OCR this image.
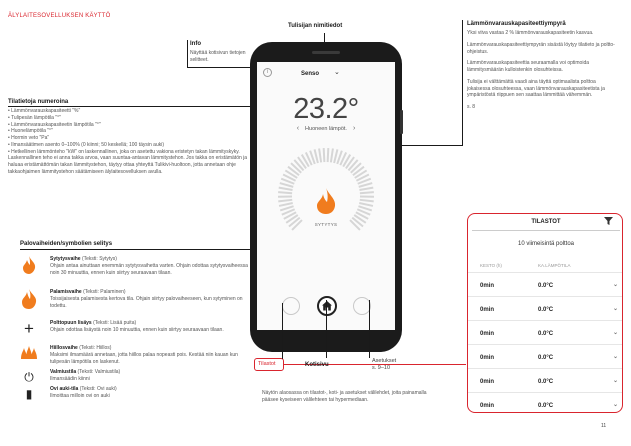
ÄLYLAITESOVELLUKSEN KÄYTTÖ
Tulisijan nimitiedot
Info
Näyttää kotisivun tietojen selitteet.
Lämmönvarauskapasiteettiympyrä
Yksi viiva vastaa 2 % lämmönvarauskapasiteetin kasvua.
Lämmönvarauskapasiteettiympyrän sisästä löytyy tilatieto ja poltto-ohjeistus.
Lämmönvarauskapasiteettia seuraamalla voi optimoida lämmitysmäärän kulloistenkin olosuhteissa.
Tulisija ei välttämättä vaadi aina täyttä optimaalista polttoa jokaisessa olosuhteessa, vaan lämmönvarauskapasiteetista ja ympäristöstä riippuen sen saattaa lämmittää vähemmän.
s. 8
Tilatietoja numeroina
• Lämmönvarauskapasiteetti "%"
• Tulipesän lämpötila "°"
• Lämmönvarauskapasiteetin lämpötila "°"
• Huonelämpötila "°"
• Hormin veto "Pa"
• Ilmansäätimen asento 0–100% (0 kiinni; 50 keskellä; 100 täysin auki)
• Hetkellinen lämmönteho "kW" on laskennallinen, joka on asetettu vakiona eristetyn takan lämmityskyky. Laskennallinen teho ei anna takka arvoa, vaan suuntaa-antavan lämmitystehon. Jos takka on eristämätön ja haluaa eristämättömän takan lämmitystehon, täytyy ottaa yhteyttä Tulikivi-huoltoon, jotta annetaan ohje takkaohjaimen lämmitystehon säätämiseen älylaitesovelluksen avulla.
Palovaiheiden/symbolien selitys
Sytytysvaihe (Teksti: Sytytys)
Ohjain antaa ainuttaan enemmän sytytysvaihetta varten. Ohjain odottaa sytytysvaiheessa noin 30 minuuttia, ennen kuin siirtyy seuraavaan tilaan.
Palamisvaihe (Teksti: Palaminen)
Toissijaisesta palamisesta kertova tila. Ohjain siirtyy palovaiheeseen, kun sytyminen on todettu.
+	Polttopuun lisäys (Teksti: Lisää puita)
Ohjain odottaa lisäystä noin 10 minuuttia, ennen kuin siirtyy seuraavaan tilaan.
Hiillosvaihe (Teksti: Hiillos)
Maksimi ilmamäärä annetaan, jotta hiillos palaa nopeasti pois. Kestää niin kauan kun tulipesän lämpötila on laskenut.
⏻	Valmiustila (Teksti: Valmiustila)
Ilmansäädin kiinni
▮	Ovi auki-tila (Teksti: Ovi auki)
Ilmoittaa milloin ovi on auki
i	Senso ⌄
23.2°
‹ Huoneen lämpöt. ›
SYTYTYS
Tilastot	Kotisivu
Asetukset
s. 9–10
Näytön alaosassa on tilastot-, koti- ja asetukset välilehdet, joita painamalla pääsee kyseiseen välilehteen tai hypermediaan.
TILASTOT
10 viimeisintä polttoa
KESTO (h)	KA.LÄMPÖTILA
0min	0.0°C	⌄
0min	0.0°C	⌄
0min	0.0°C	⌄
0min	0.0°C	⌄
0min	0.0°C	⌄
0min	0.0°C	⌄
11
